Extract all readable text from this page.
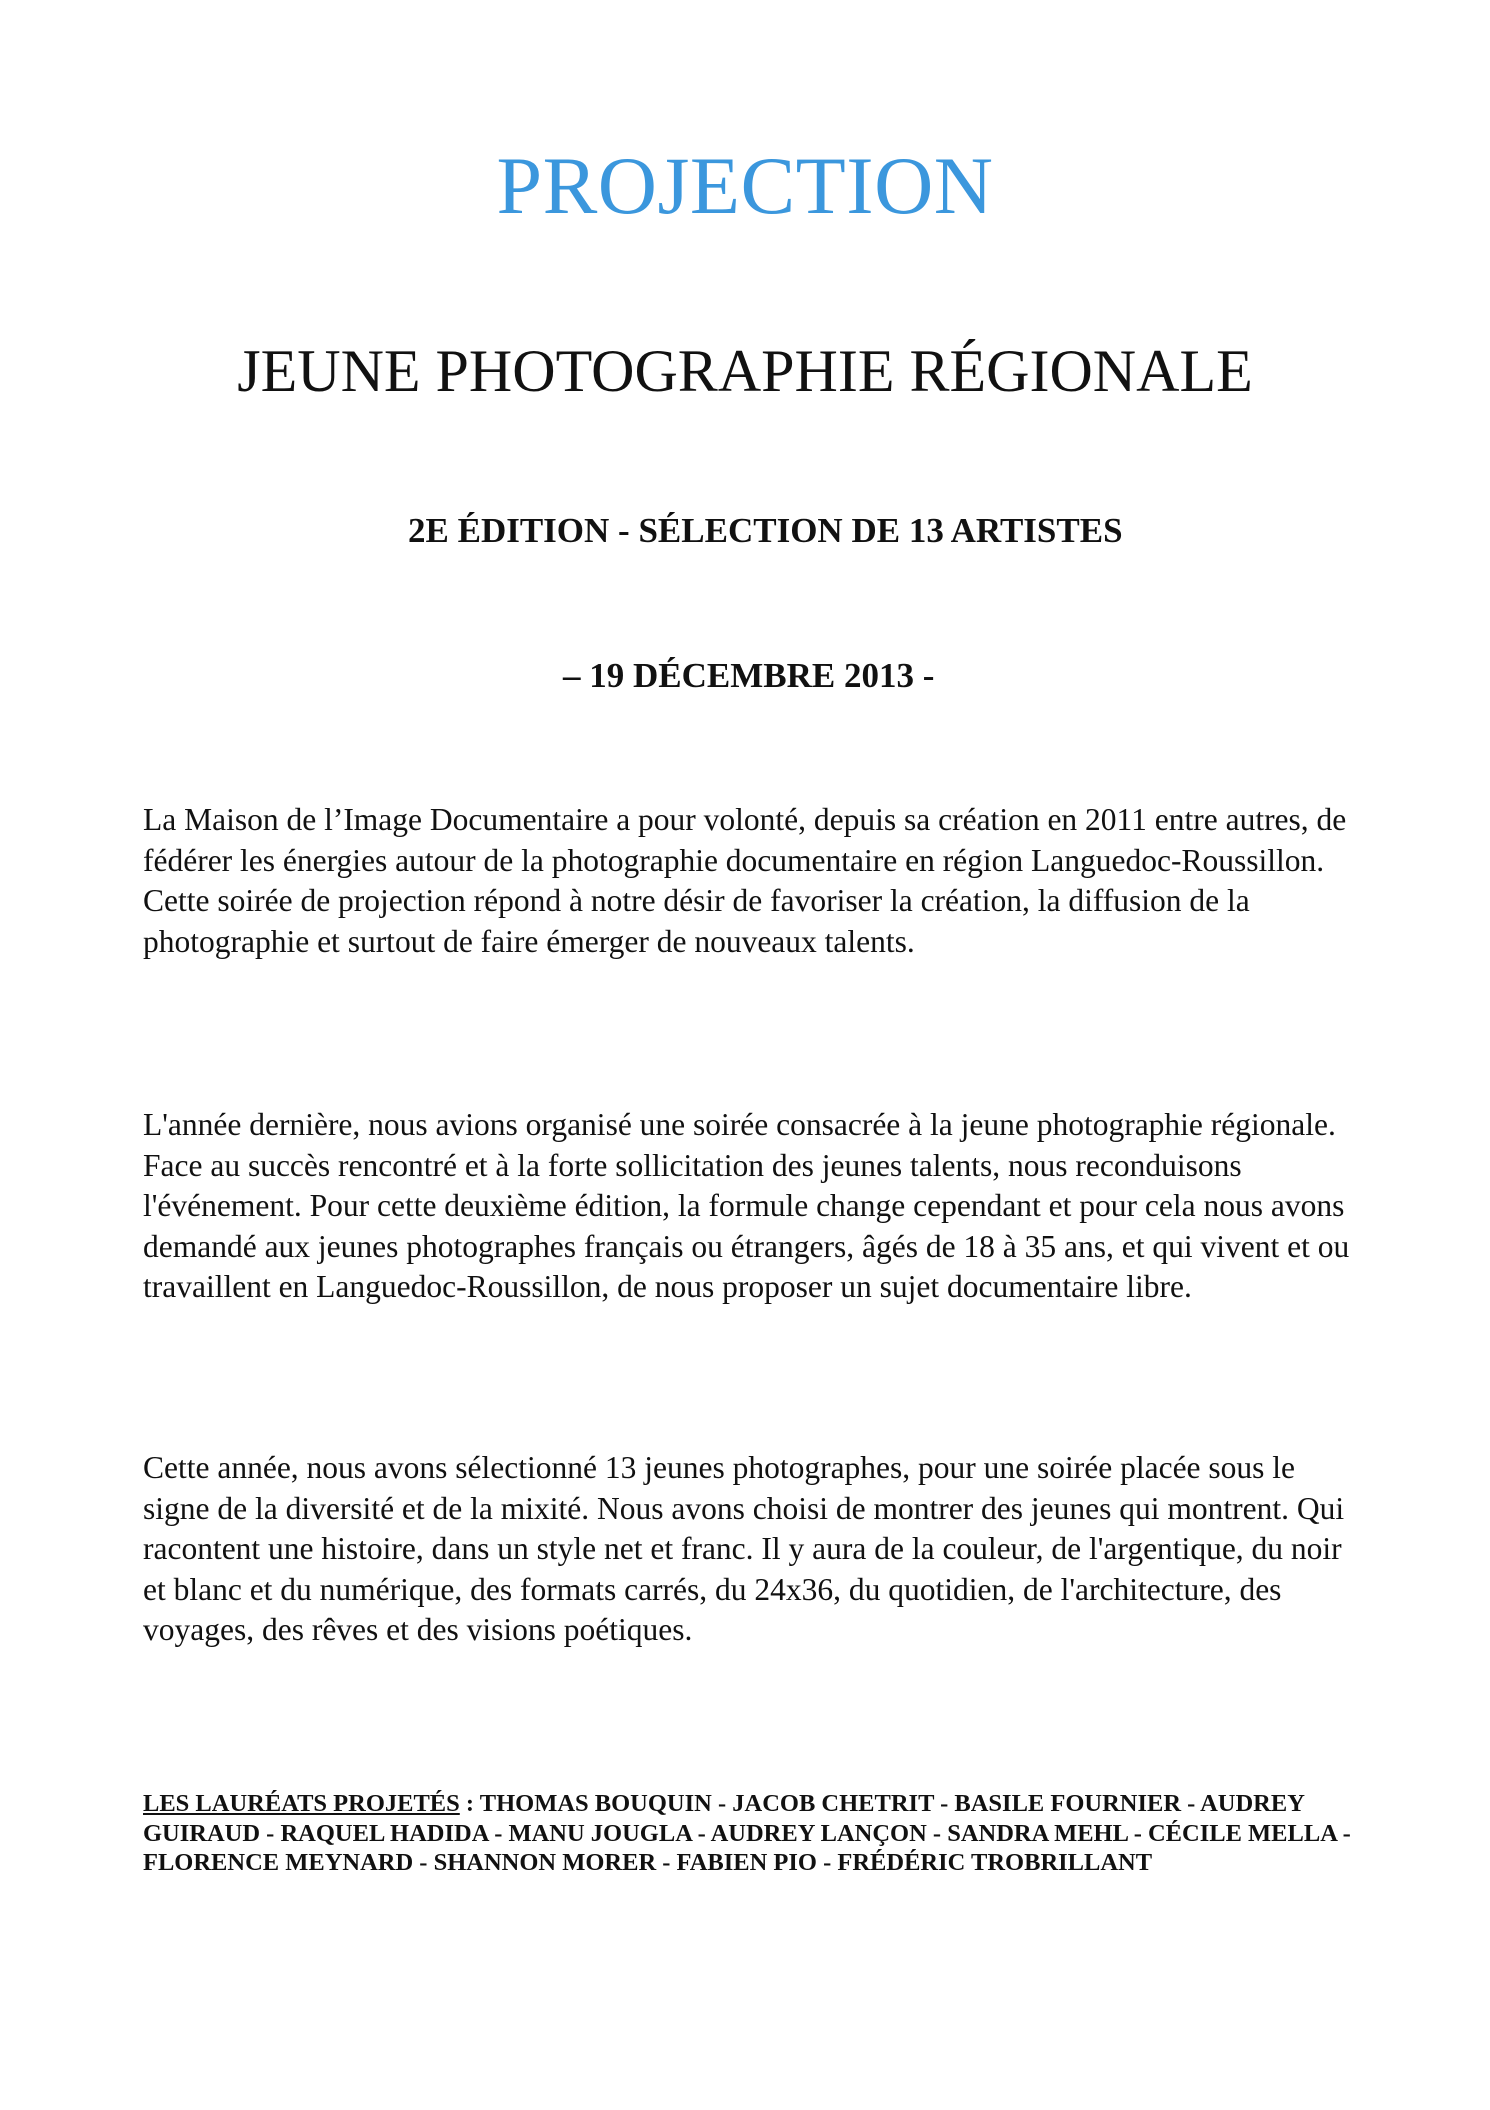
PROJECTION
JEUNE PHOTOGRAPHIE RÉGIONALE

2E ÉDITION - SÉLECTION DE 13 ARTISTES

– 19 DÉCEMBRE 2013 -

La Maison de l’Image Documentaire a pour volonté, depuis sa création en 2011 entre autres, de fédérer les énergies autour de la photographie documentaire en région Languedoc-Roussillon. Cette soirée de projection répond à notre désir de favoriser la création, la diffusion de la photographie et surtout de faire émerger de nouveaux talents.

L'année dernière, nous avions organisé une soirée consacrée à la jeune photographie régionale. Face au succès rencontré et à la forte sollicitation des jeunes talents, nous reconduisons l'événement. Pour cette deuxième édition, la formule change cependant et pour cela nous avons demandé aux jeunes photographes français ou étrangers, âgés de 18 à 35 ans, et qui vivent et ou travaillent en Languedoc-Roussillon, de nous proposer un sujet documentaire libre.

Cette année, nous avons sélectionné 13 jeunes photographes, pour une soirée placée sous le signe de la diversité et de la mixité. Nous avons choisi de montrer des jeunes qui montrent. Qui racontent une histoire, dans un style net et franc. Il y aura de la couleur, de l'argentique, du noir et blanc et du numérique, des formats carrés, du 24x36, du quotidien, de l'architecture, des voyages, des rêves et des visions poétiques.

LES LAURÉATS PROJETÉS : THOMAS BOUQUIN - JACOB CHETRIT - BASILE FOURNIER - AUDREY GUIRAUD - RAQUEL HADIDA - MANU JOUGLA - AUDREY LANÇON - SANDRA MEHL - CÉCILE MELLA - FLORENCE MEYNARD - SHANNON MORER - FABIEN PIO - FRÉDÉRIC TROBRILLANT
